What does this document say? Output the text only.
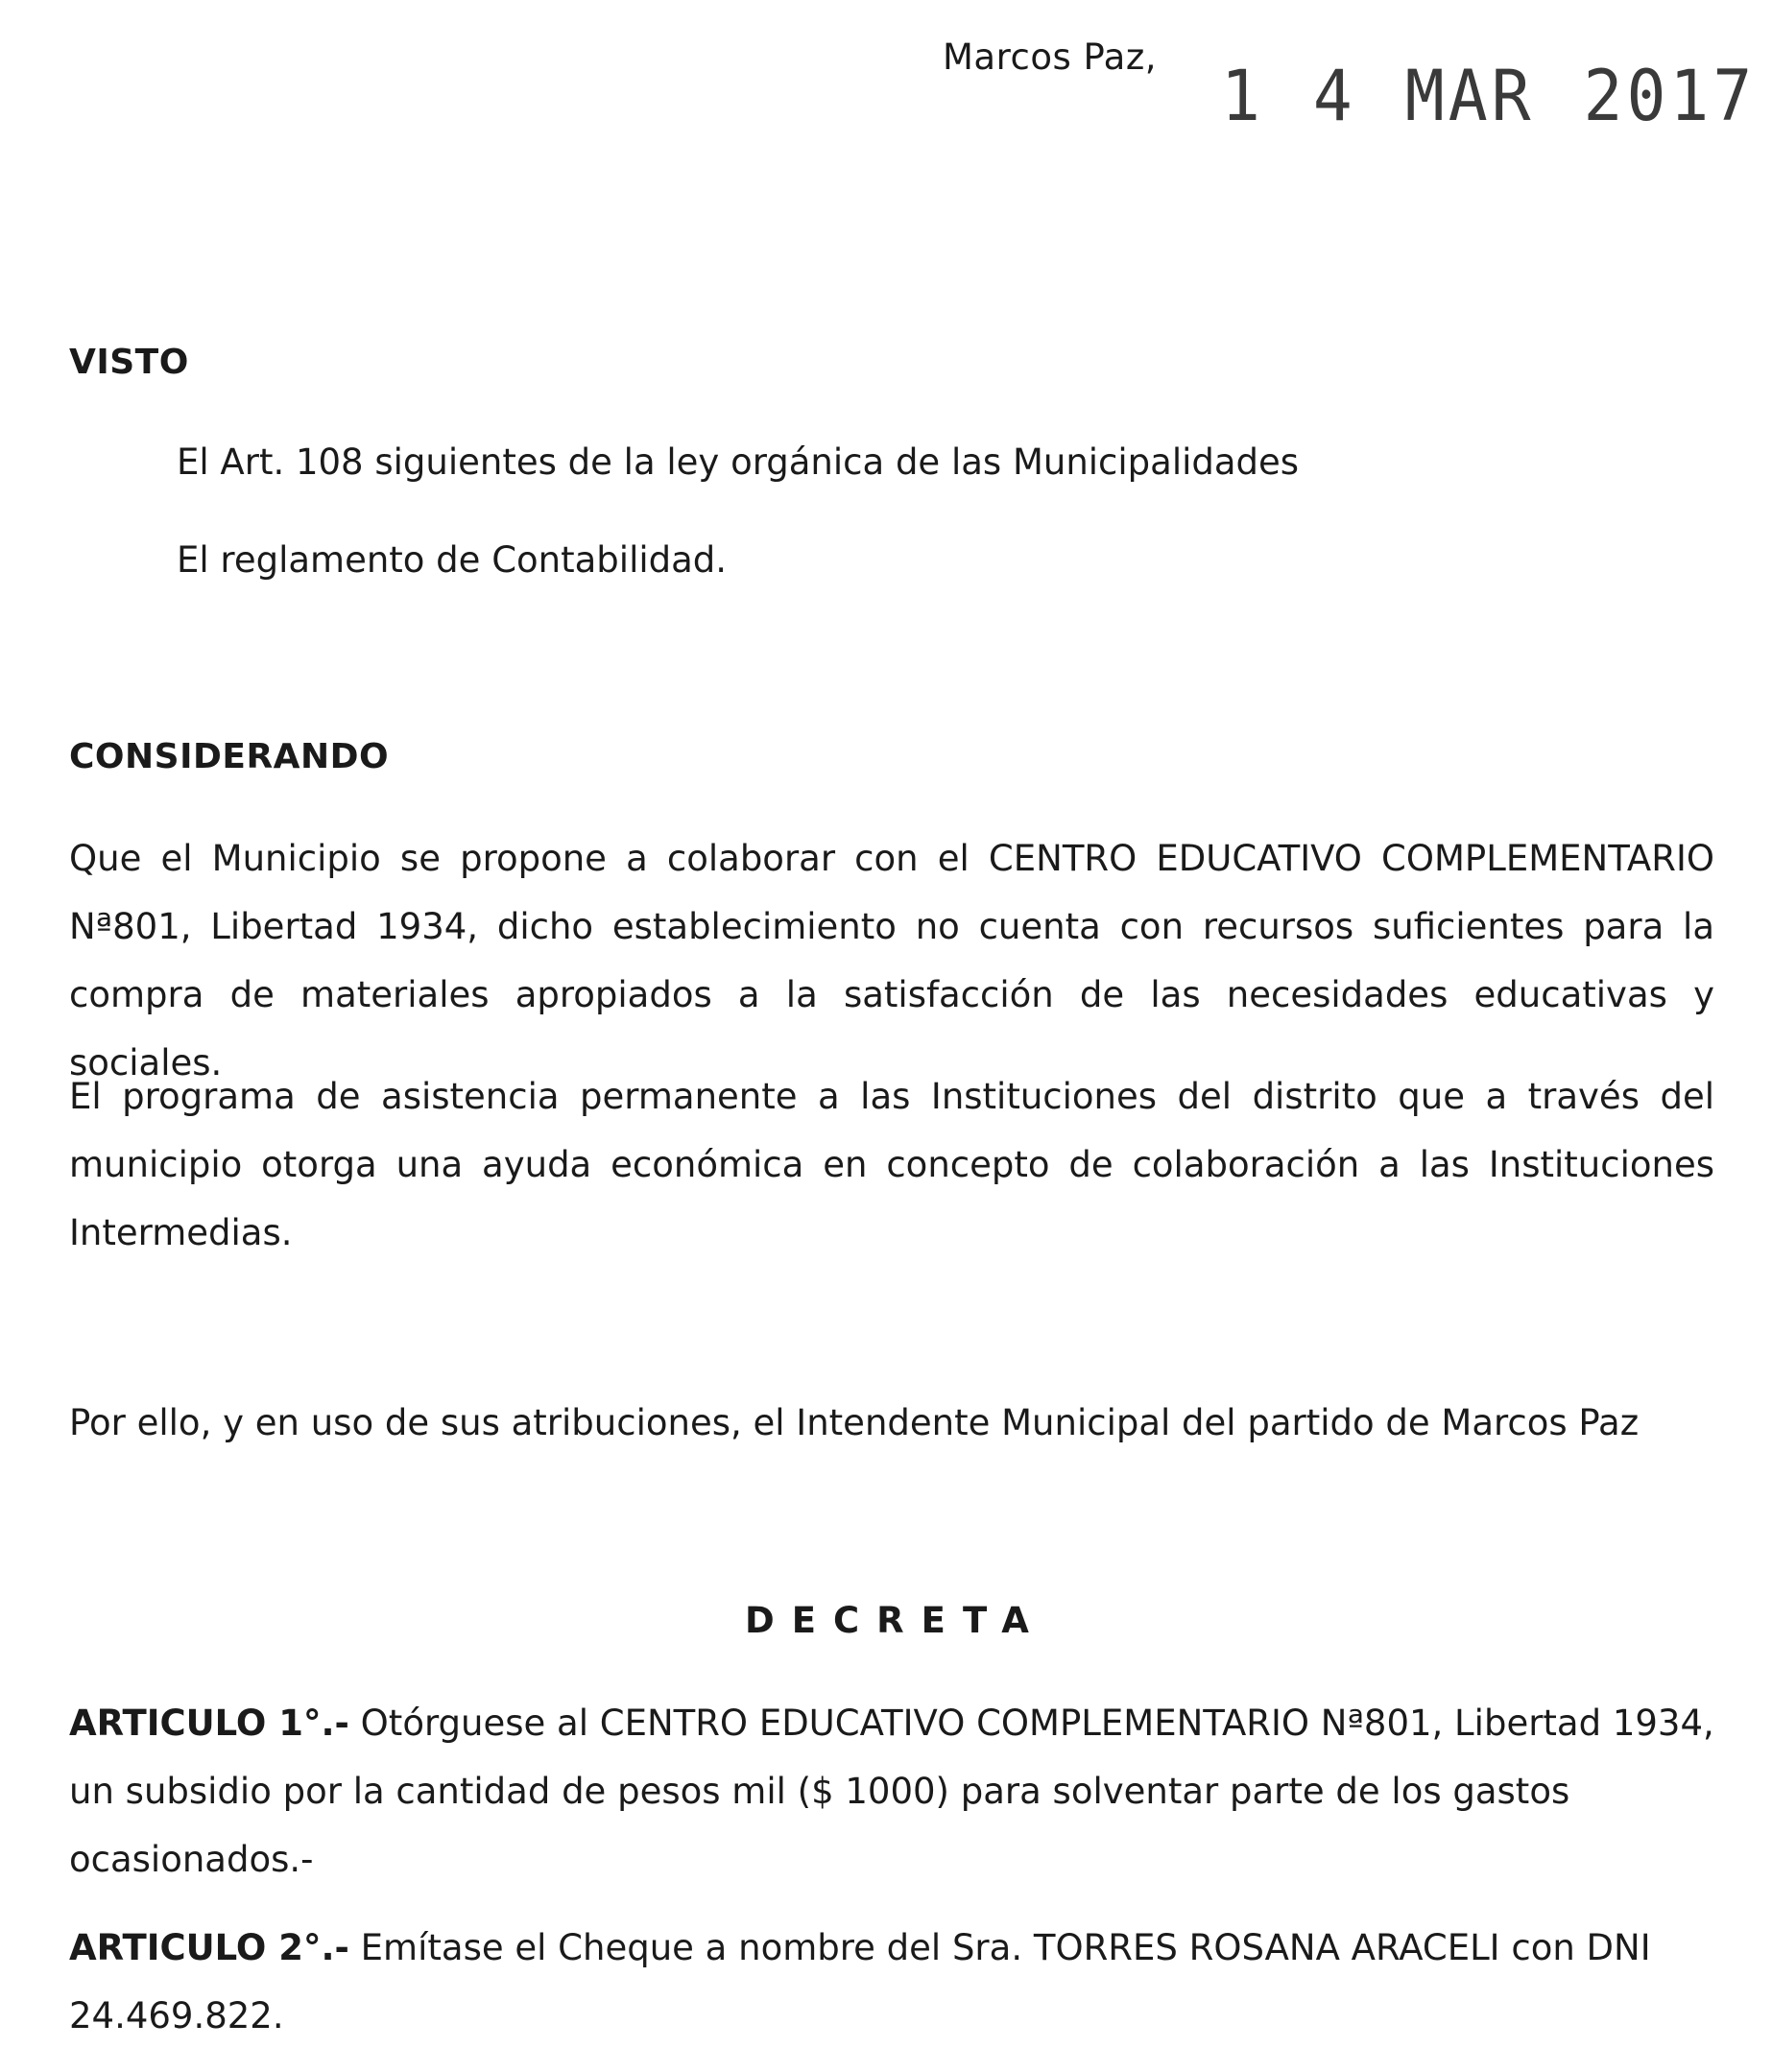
Marcos Paz, 1 4 MAR 2017
VISTO
El Art. 108 siguientes de la ley orgánica de las Municipalidades
El reglamento de Contabilidad.
CONSIDERANDO
Que el Municipio se propone a colaborar con el CENTRO EDUCATIVO COMPLEMENTARIO Nª801, Libertad 1934, dicho establecimiento no cuenta con recursos suficientes para la compra de materiales apropiados a la satisfacción de las necesidades educativas y sociales.
El programa de asistencia permanente a las Instituciones del distrito que a través del municipio otorga una ayuda económica en concepto de colaboración a las Instituciones Intermedias.
Por ello, y en uso de sus atribuciones, el Intendente Municipal del partido de Marcos Paz
DECRETA
ARTICULO 1°.- Otórguese al CENTRO EDUCATIVO COMPLEMENTARIO Nª801, Libertad 1934, un subsidio por la cantidad de pesos mil ($ 1000) para solventar parte de los gastos ocasionados.-
ARTICULO 2°.- Emítase el Cheque a nombre del Sra. TORRES ROSANA ARACELI con DNI 24.469.822.
